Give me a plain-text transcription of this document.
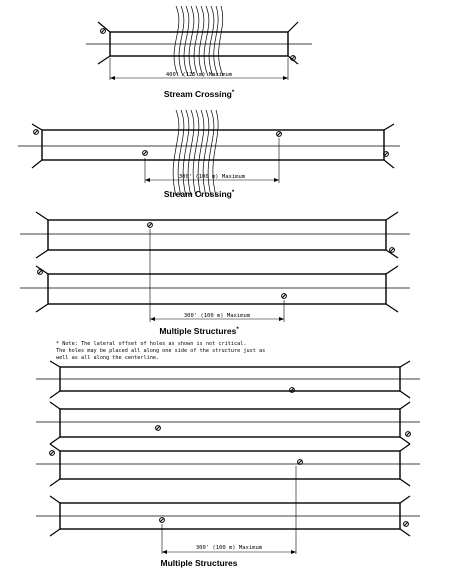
400' (125 m) Maximum
Stream Crossing*
300' (100 m) Maximum
Stream Crossing*
300' (100 m) Maximum
Multiple Structures*
* Note: The lateral offset of holes as shown is not critical.
The holes may be placed all along one side of the structure just as
well as all along the centerline.
300' (100 m) Maximum
Multiple Structures
